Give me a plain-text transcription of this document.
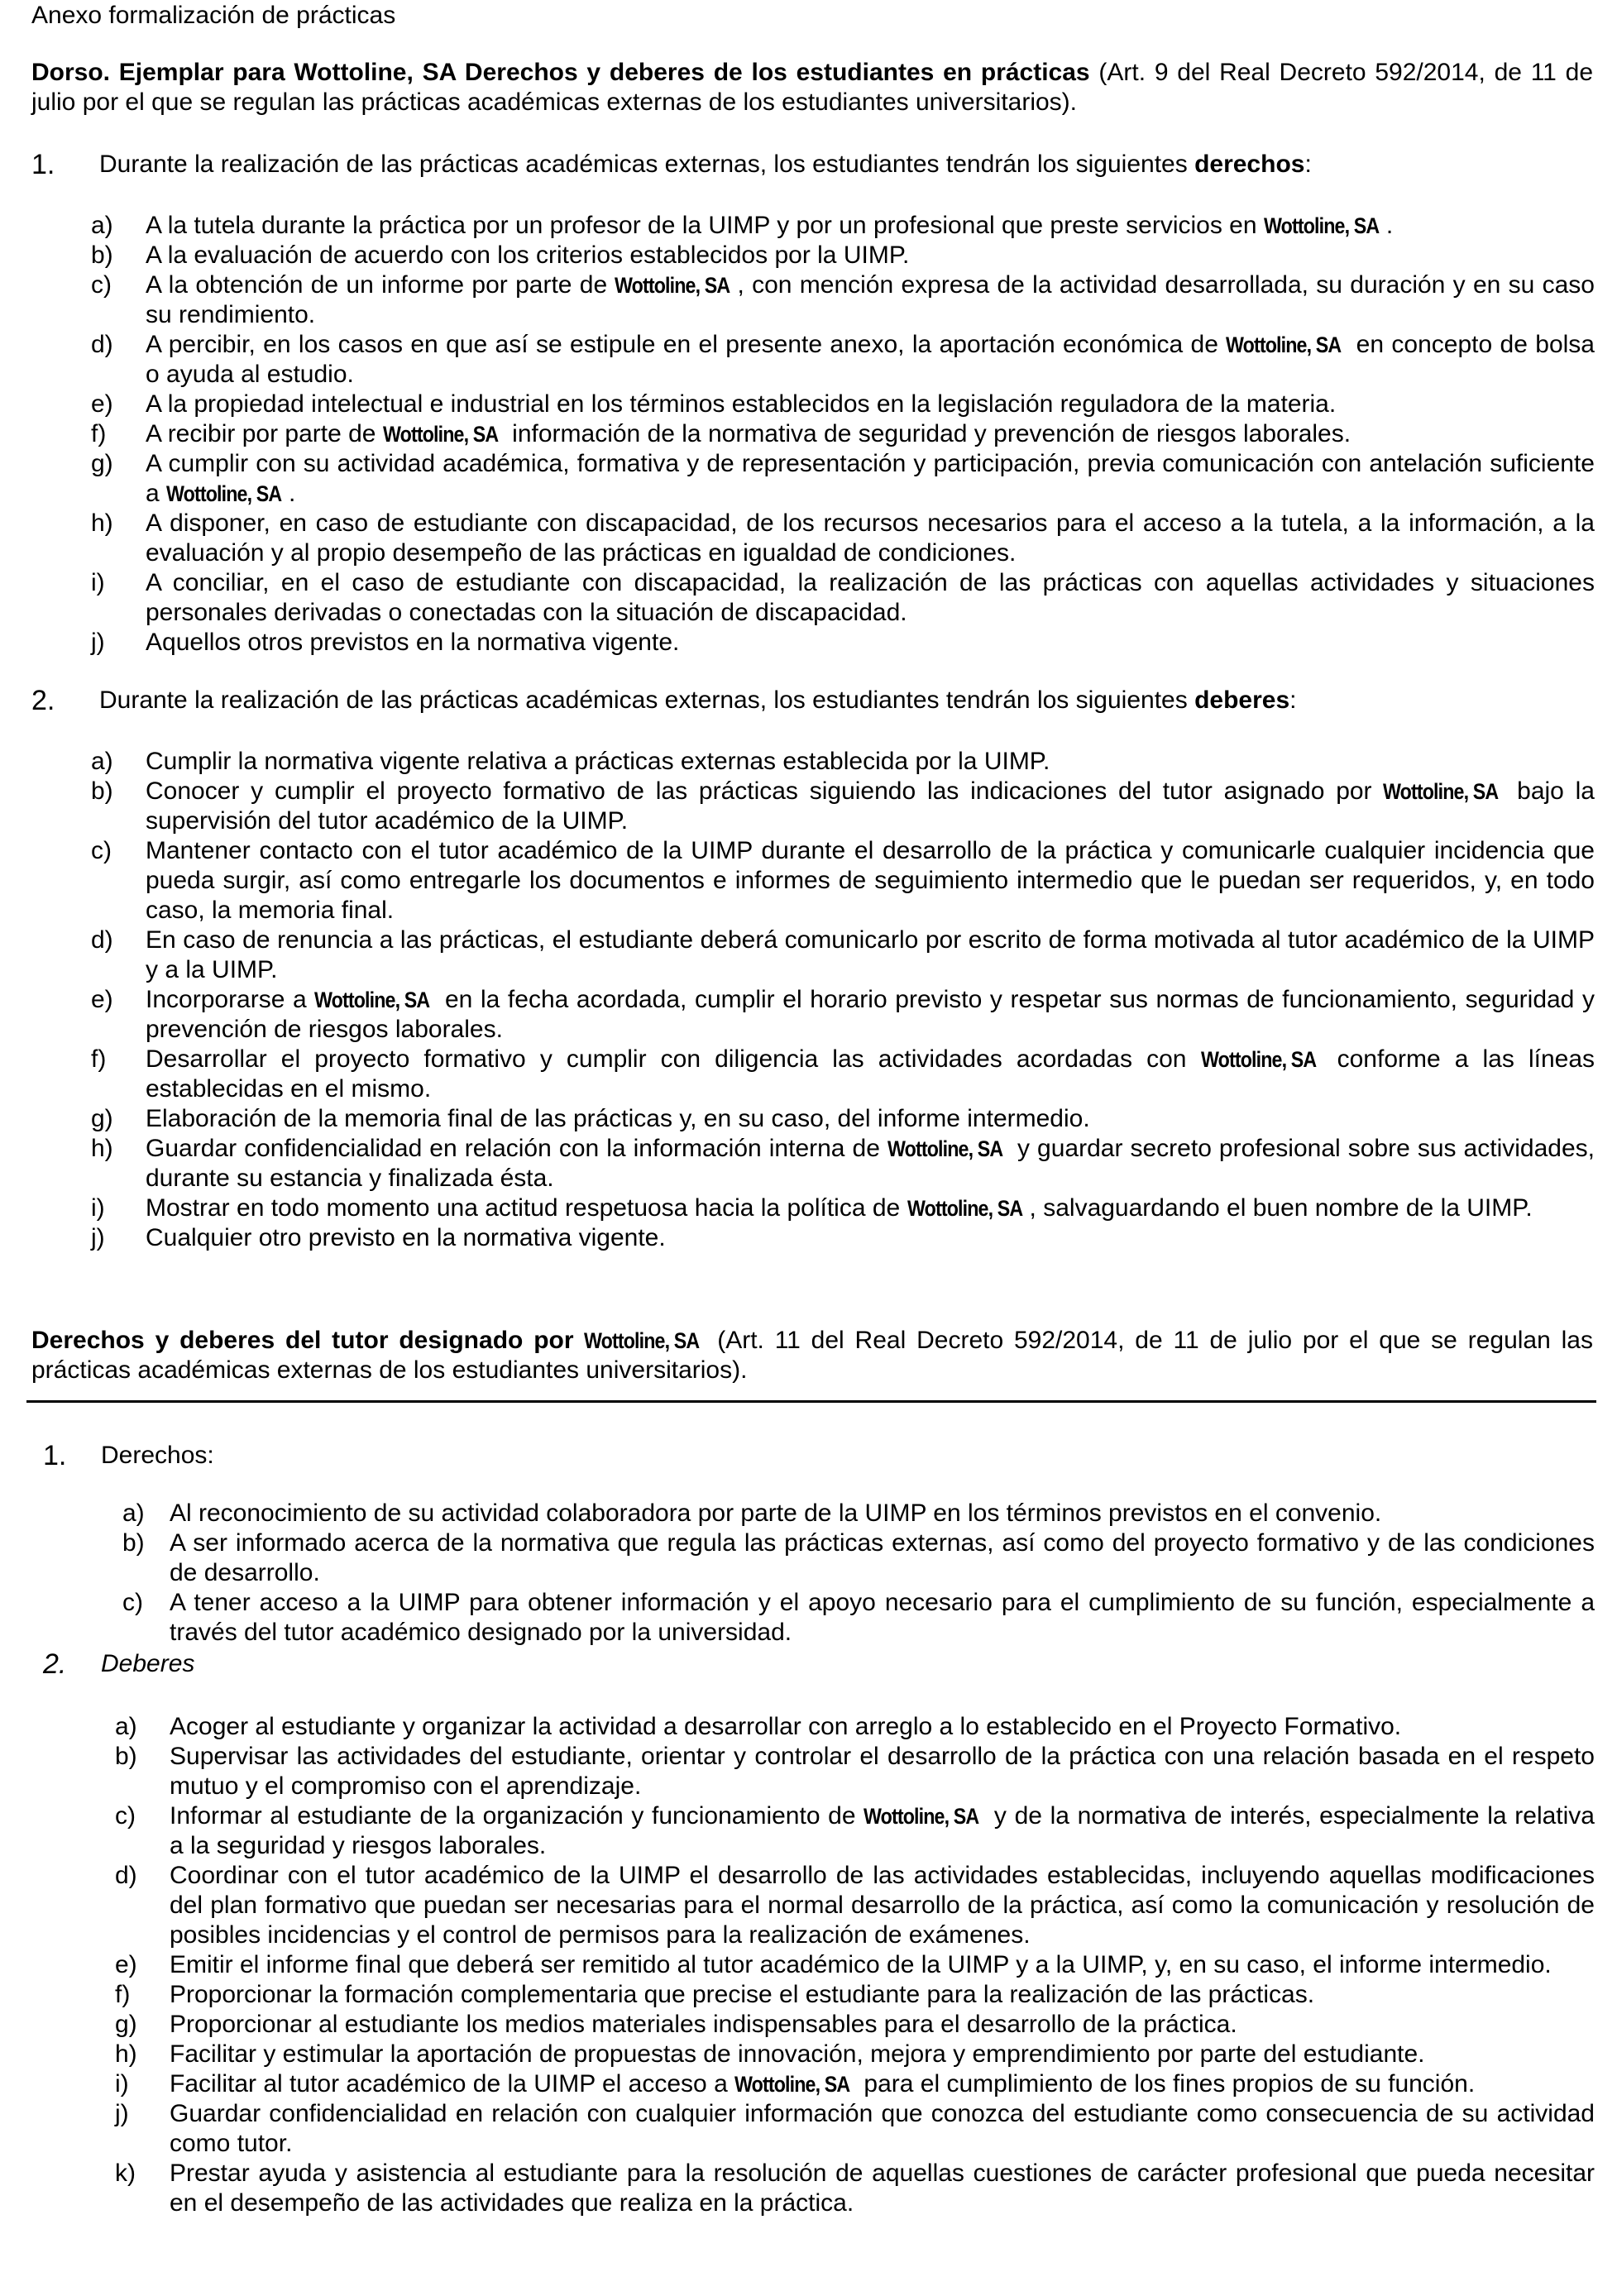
Anexo formalización de prácticas
Dorso. Ejemplar para Wottoline, SA Derechos y deberes de los estudiantes en prácticas (Art. 9 del Real Decreto 592/2014, de 11 de julio por el que se regulan las prácticas académicas externas de los estudiantes universitarios).
1. Durante la realización de las prácticas académicas externas, los estudiantes tendrán los siguientes derechos:
a) A la tutela durante la práctica por un profesor de la UIMP y por un profesional que preste servicios en Wottoline, SA .
b) A la evaluación de acuerdo con los criterios establecidos por la UIMP.
c) A la obtención de un informe por parte de Wottoline, SA , con mención expresa de la actividad desarrollada, su duración y en su caso su rendimiento.
d) A percibir, en los casos en que así se estipule en el presente anexo, la aportación económica de Wottoline, SA en concepto de bolsa o ayuda al estudio.
e) A la propiedad intelectual e industrial en los términos establecidos en la legislación reguladora de la materia.
f) A recibir por parte de Wottoline, SA información de la normativa de seguridad y prevención de riesgos laborales.
g) A cumplir con su actividad académica, formativa y de representación y participación, previa comunicación con antelación suficiente a Wottoline, SA .
h) A disponer, en caso de estudiante con discapacidad, de los recursos necesarios para el acceso a la tutela, a la información, a la evaluación y al propio desempeño de las prácticas en igualdad de condiciones.
i) A conciliar, en el caso de estudiante con discapacidad, la realización de las prácticas con aquellas actividades y situaciones personales derivadas o conectadas con la situación de discapacidad.
j) Aquellos otros previstos en la normativa vigente.
2. Durante la realización de las prácticas académicas externas, los estudiantes tendrán los siguientes deberes:
a) Cumplir la normativa vigente relativa a prácticas externas establecida por la UIMP.
b) Conocer y cumplir el proyecto formativo de las prácticas siguiendo las indicaciones del tutor asignado por Wottoline, SA bajo la supervisión del tutor académico de la UIMP.
c) Mantener contacto con el tutor académico de la UIMP durante el desarrollo de la práctica y comunicarle cualquier incidencia que pueda surgir, así como entregarle los documentos e informes de seguimiento intermedio que le puedan ser requeridos, y, en todo caso, la memoria final.
d) En caso de renuncia a las prácticas, el estudiante deberá comunicarlo por escrito de forma motivada al tutor académico de la UIMP y a la UIMP.
e) Incorporarse a Wottoline, SA en la fecha acordada, cumplir el horario previsto y respetar sus normas de funcionamiento, seguridad y prevención de riesgos laborales.
f) Desarrollar el proyecto formativo y cumplir con diligencia las actividades acordadas con Wottoline, SA conforme a las líneas establecidas en el mismo.
g) Elaboración de la memoria final de las prácticas y, en su caso, del informe intermedio.
h) Guardar confidencialidad en relación con la información interna de Wottoline, SA y guardar secreto profesional sobre sus actividades, durante su estancia y finalizada ésta.
i) Mostrar en todo momento una actitud respetuosa hacia la política de Wottoline, SA , salvaguardando el buen nombre de la UIMP.
j) Cualquier otro previsto en la normativa vigente.
Derechos y deberes del tutor designado por Wottoline, SA (Art. 11 del Real Decreto 592/2014, de 11 de julio por el que se regulan las prácticas académicas externas de los estudiantes universitarios).
1. Derechos:
a) Al reconocimiento de su actividad colaboradora por parte de la UIMP en los términos previstos en el convenio.
b) A ser informado acerca de la normativa que regula las prácticas externas, así como del proyecto formativo y de las condiciones de desarrollo.
c) A tener acceso a la UIMP para obtener información y el apoyo necesario para el cumplimiento de su función, especialmente a través del tutor académico designado por la universidad.
2. Deberes
a) Acoger al estudiante y organizar la actividad a desarrollar con arreglo a lo establecido en el Proyecto Formativo.
b) Supervisar las actividades del estudiante, orientar y controlar el desarrollo de la práctica con una relación basada en el respeto mutuo y el compromiso con el aprendizaje.
c) Informar al estudiante de la organización y funcionamiento de Wottoline, SA y de la normativa de interés, especialmente la relativa a la seguridad y riesgos laborales.
d) Coordinar con el tutor académico de la UIMP el desarrollo de las actividades establecidas, incluyendo aquellas modificaciones del plan formativo que puedan ser necesarias para el normal desarrollo de la práctica, así como la comunicación y resolución de posibles incidencias y el control de permisos para la realización de exámenes.
e) Emitir el informe final que deberá ser remitido al tutor académico de la UIMP y a la UIMP, y, en su caso, el informe intermedio.
f) Proporcionar la formación complementaria que precise el estudiante para la realización de las prácticas.
g) Proporcionar al estudiante los medios materiales indispensables para el desarrollo de la práctica.
h) Facilitar y estimular la aportación de propuestas de innovación, mejora y emprendimiento por parte del estudiante.
i) Facilitar al tutor académico de la UIMP el acceso a Wottoline, SA para el cumplimiento de los fines propios de su función.
j) Guardar confidencialidad en relación con cualquier información que conozca del estudiante como consecuencia de su actividad como tutor.
k) Prestar ayuda y asistencia al estudiante para la resolución de aquellas cuestiones de carácter profesional que pueda necesitar en el desempeño de las actividades que realiza en la práctica.
